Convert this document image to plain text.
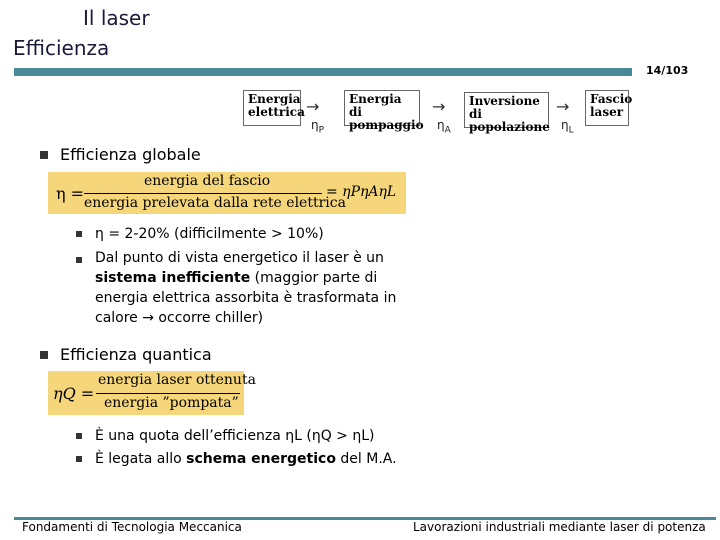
Il laser
Efficienza
14/103
Energia
elettrica →
$\eta_P$
Energia di
pompaggio
→
$\eta_A$
Inversione di
popolazione
→
$\eta_L$
Fascio
laser
Efficienza globale
η =
energia del fascio
energia prelevata dalla rete elettrica
= ηPηAηL
η = 2-20% (difficilmente > 10%)
Dal punto di vista energetico il laser è un sistema inefficiente (maggior parte di energia elettrica assorbita è trasformata in calore → occorre chiller)
Efficienza quantica
ηQ =
energia laser ottenuta
energia ”pompata”
È una quota dell’efficienza ηL (ηQ > ηL)
È legata allo schema energetico del M.A.
Fondamenti di Tecnologia Meccanica	Lavorazioni industriali mediante laser di potenza
